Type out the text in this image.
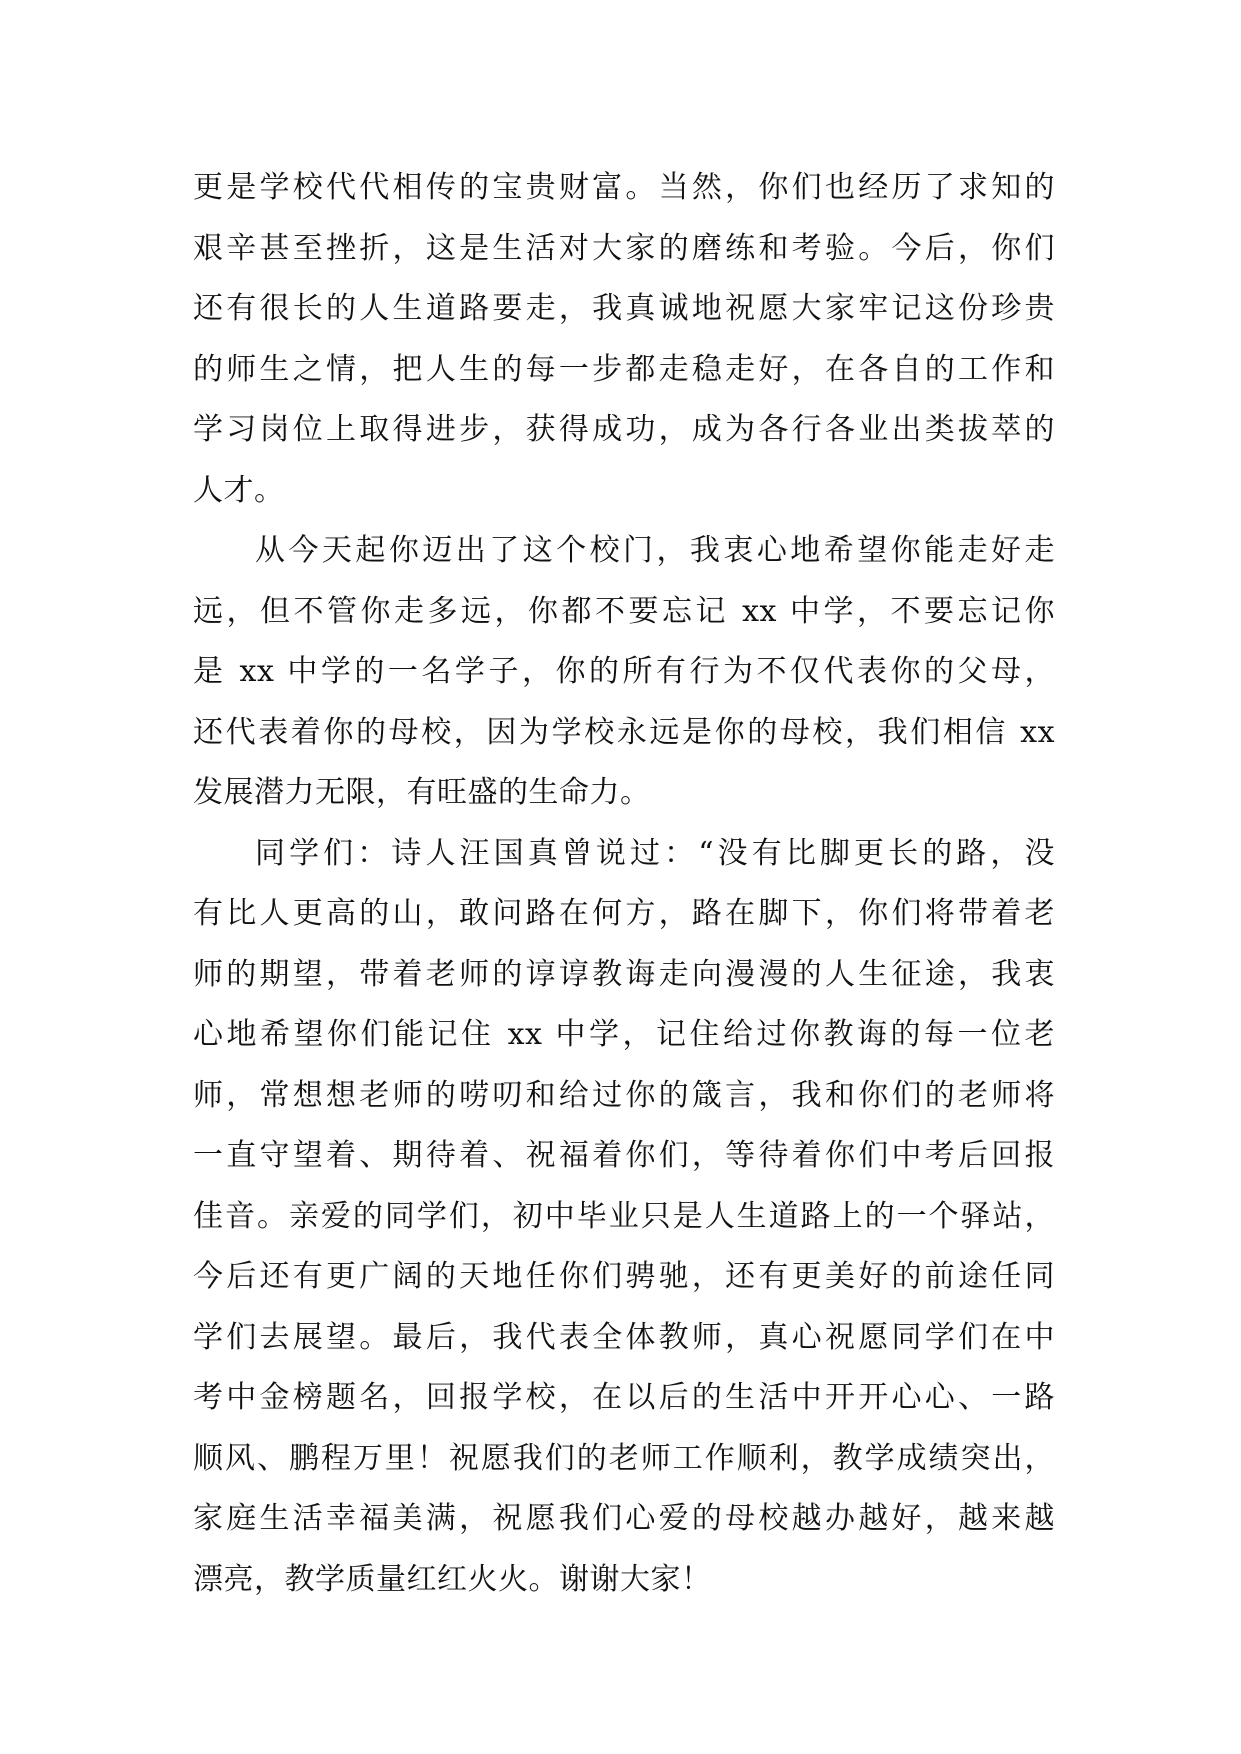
更是学校代代相传的宝贵财富。当然，你们也经历了求知的
艰辛甚至挫折，这是生活对大家的磨练和考验。今后，你们
还有很长的人生道路要走，我真诚地祝愿大家牢记这份珍贵
的师生之情，把人生的每一步都走稳走好，在各自的工作和
学习岗位上取得进步，获得成功，成为各行各业出类拔萃的
人才。
从今天起你迈出了这个校门，我衷心地希望你能走好走
远，但不管你走多远，你都不要忘记 xx 中学，不要忘记你
是 xx 中学的一名学子，你的所有行为不仅代表你的父母，
还代表着你的母校，因为学校永远是你的母校，我们相信 xx
发展潜力无限，有旺盛的生命力。
同学们：诗人汪国真曾说过：“没有比脚更长的路，没
有比人更高的山，敢问路在何方，路在脚下，你们将带着老
师的期望，带着老师的谆谆教诲走向漫漫的人生征途，我衷
心地希望你们能记住 xx 中学，记住给过你教诲的每一位老
师，常想想老师的唠叨和给过你的箴言，我和你们的老师将
一直守望着、期待着、祝福着你们，等待着你们中考后回报
佳音。亲爱的同学们，初中毕业只是人生道路上的一个驿站，
今后还有更广阔的天地任你们骋驰，还有更美好的前途任同
学们去展望。最后，我代表全体教师，真心祝愿同学们在中
考中金榜题名，回报学校，在以后的生活中开开心心、一路
顺风、鹏程万里！祝愿我们的老师工作顺利，教学成绩突出，
家庭生活幸福美满，祝愿我们心爱的母校越办越好，越来越
漂亮，教学质量红红火火。谢谢大家！
